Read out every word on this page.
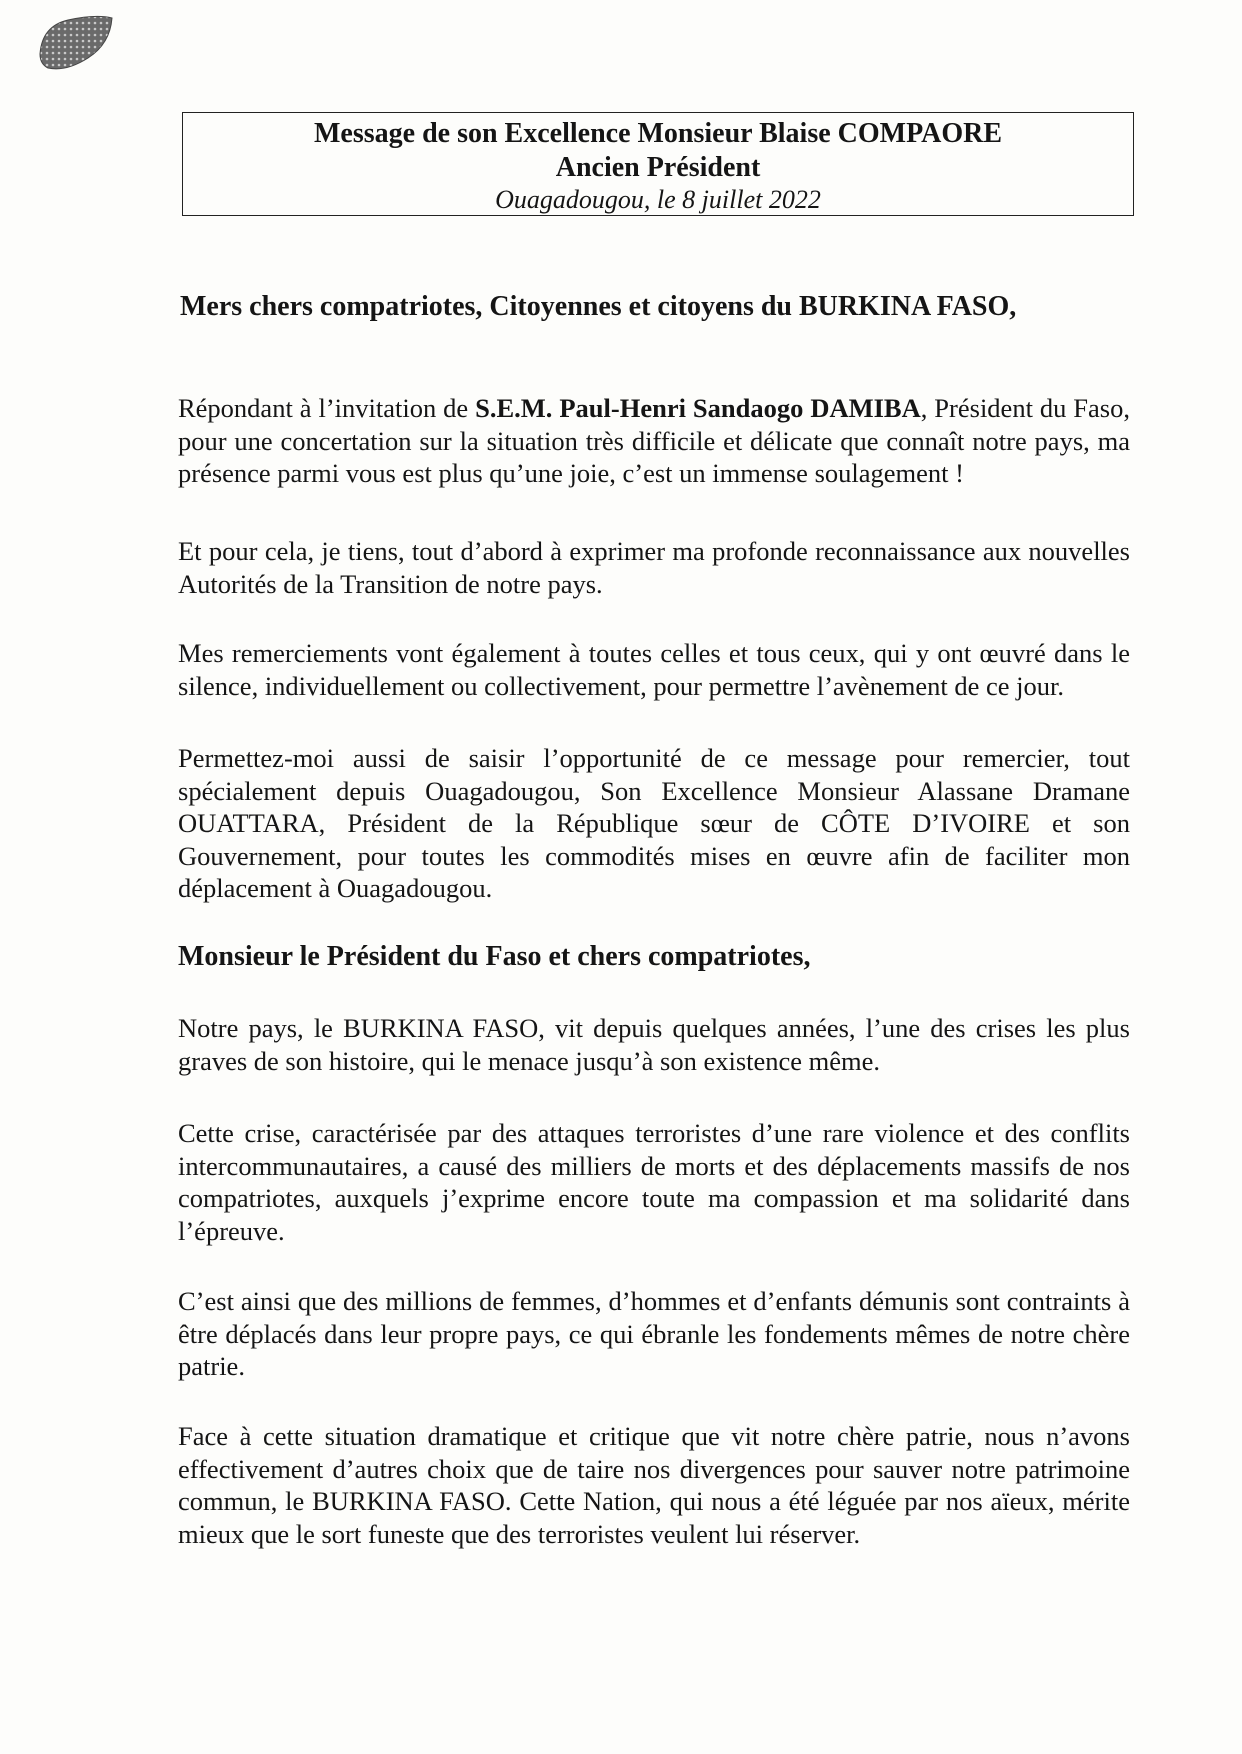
Message de son Excellence Monsieur Blaise COMPAORE
Ancien Président
Ouagadougou, le 8 juillet 2022
Mers chers compatriotes, Citoyennes et citoyens du BURKINA FASO,
Répondant à l’invitation de S.E.M. Paul-Henri Sandaogo DAMIBA, Président du Faso, pour une concertation sur la situation très difficile et délicate que connaît notre pays, ma présence parmi vous est plus qu’une joie, c’est un immense soulagement !
Et pour cela, je tiens, tout d’abord à exprimer ma profonde reconnaissance aux nouvelles Autorités de la Transition de notre pays.
Mes remerciements vont également à toutes celles et tous ceux, qui y ont œuvré dans le silence, individuellement ou collectivement, pour permettre l’avènement de ce jour.
Permettez-moi aussi de saisir l’opportunité de ce message pour remercier, tout spécialement depuis Ouagadougou, Son Excellence Monsieur Alassane Dramane OUATTARA, Président de la République sœur de CÔTE D’IVOIRE et son Gouvernement, pour toutes les commodités mises en œuvre afin de faciliter mon déplacement à Ouagadougou.
Monsieur le Président du Faso et chers compatriotes,
Notre pays, le BURKINA FASO, vit depuis quelques années, l’une des crises les plus graves de son histoire, qui le menace jusqu’à son existence même.
Cette crise, caractérisée par des attaques terroristes d’une rare violence et des conflits intercommunautaires, a causé des milliers de morts et des déplacements massifs de nos compatriotes, auxquels j’exprime encore toute ma compassion et ma solidarité dans l’épreuve.
C’est ainsi que des millions de femmes, d’hommes et d’enfants démunis sont contraints à être déplacés dans leur propre pays, ce qui ébranle les fondements mêmes de notre chère patrie.
Face à cette situation dramatique et critique que vit notre chère patrie, nous n’avons effectivement d’autres choix que de taire nos divergences pour sauver notre patrimoine commun, le BURKINA FASO. Cette Nation, qui nous a été léguée par nos aïeux, mérite mieux que le sort funeste que des terroristes veulent lui réserver.
